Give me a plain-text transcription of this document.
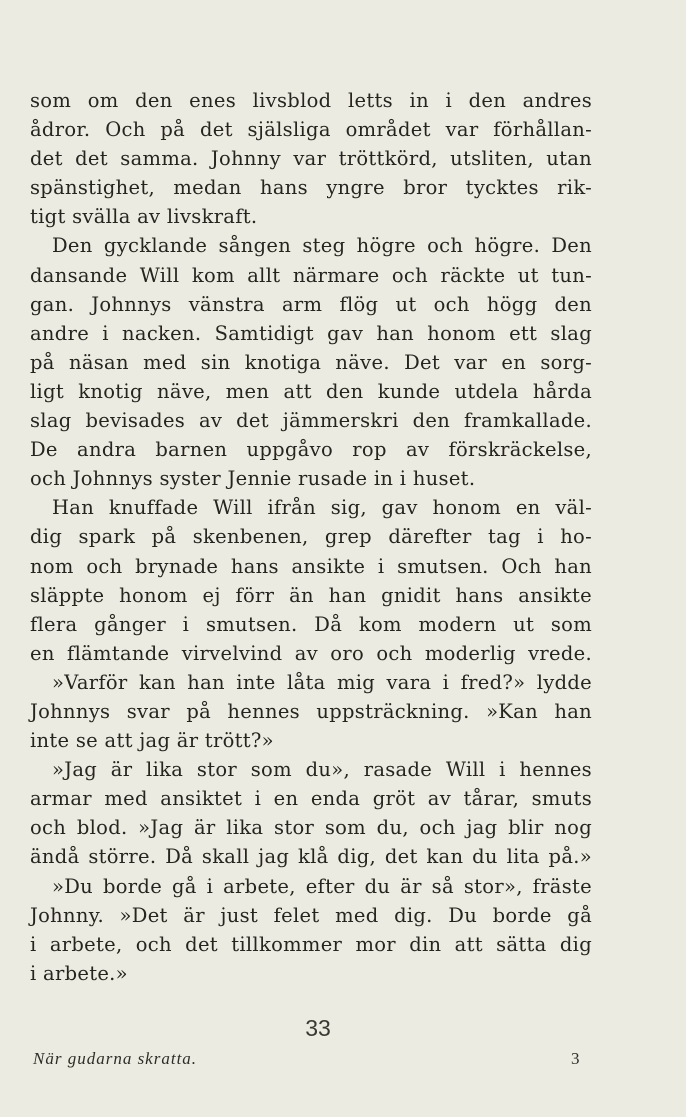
som om den enes livsblod letts in i den andres
ådror. Och på det själsliga området var förhållan-
det det samma. Johnny var tröttkörd, utsliten, utan
spänstighet, medan hans yngre bror tycktes rik-
tigt svälla av livskraft.

Den gycklande sången steg högre och högre. Den
dansande Will kom allt närmare och räckte ut tun-
gan. Johnnys vänstra arm flög ut och högg den
andre i nacken. Samtidigt gav han honom ett slag
på näsan med sin knotiga näve. Det var en sorg-
ligt knotig näve, men att den kunde utdela hårda
slag bevisades av det jämmerskri den framkallade.
De andra barnen uppgåvo rop av förskräckelse,
och Johnnys syster Jennie rusade in i huset.

Han knuffade Will ifrån sig, gav honom en väl-
dig spark på skenbenen, grep därefter tag i ho-
nom och brynade hans ansikte i smutsen. Och han
släppte honom ej förr än han gnidit hans ansikte
flera gånger i smutsen. Då kom modern ut som
en flämtande virvelvind av oro och moderlig vrede.

»Varför kan han inte låta mig vara i fred?» lydde
Johnnys svar på hennes uppsträckning. »Kan han
inte se att jag är trött?»

»Jag är lika stor som du», rasade Will i hennes
armar med ansiktet i en enda gröt av tårar, smuts
och blod. »Jag är lika stor som du, och jag blir nog
ändå större. Då skall jag klå dig, det kan du lita på.»

»Du borde gå i arbete, efter du är så stor», fräste
Johnny. »Det är just felet med dig. Du borde gå
i arbete, och det tillkommer mor din att sätta dig
i arbete.»

33
När gudarna skratta.	3
